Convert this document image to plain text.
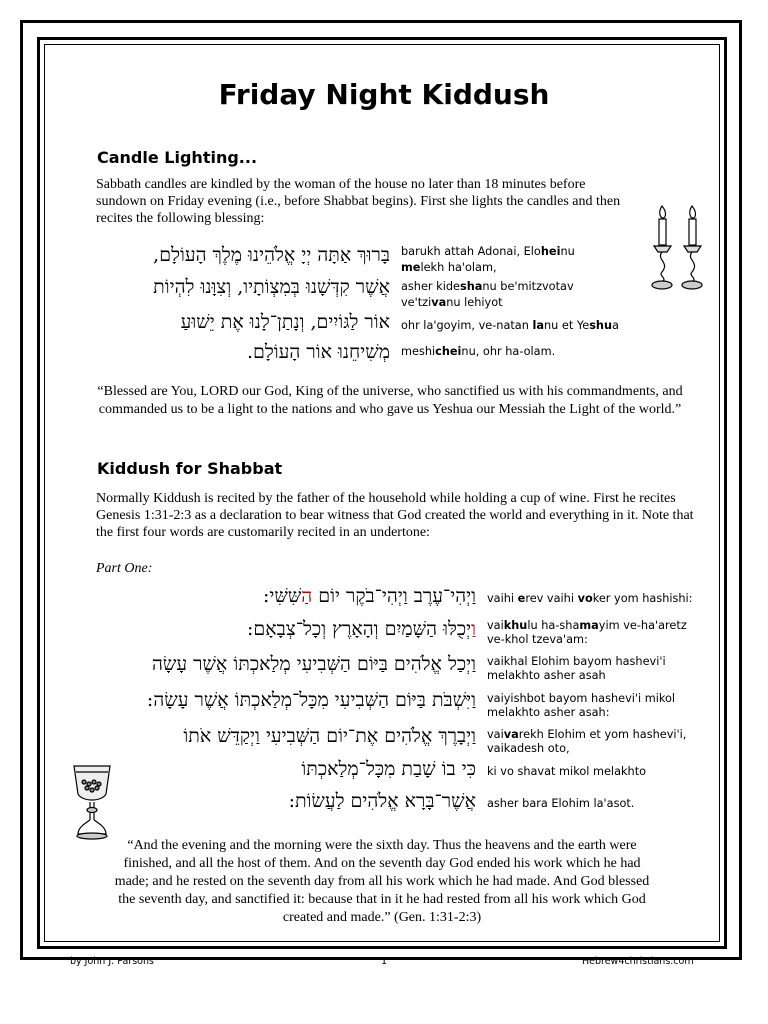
Friday Night Kiddush
Candle Lighting...
Sabbath candles are kindled by the woman of the house no later than 18 minutes before sundown on Friday evening (i.e., before Shabbat begins). First she lights the candles and then recites the following blessing:
בָּרוּךְ אַתָּה יְיָ אֱלֹהֵינוּ מֶלֶךְ הָעוֹלָם,
אֲשֶׁר קִדְּשָׁנוּ בְּמִצְוֹתָיו, וְצִוָּנוּ לִהְיוֹת
אוֹר לַגּוֹיִים, וְנָתַן־לָנוּ אֶת יֵשׁוּעַ
מְשִׁיחֵנוּ אוֹר הָעוֹלָם.
barukh attah Adonai, Eloheinu
melekh ha'olam,
asher kideshanu be'mitzvotav
ve'tzivanu lehiyot
ohr la'goyim, ve-natan lanu et Yeshua
meshicheinu, ohr ha-olam.
“Blessed are You, LORD our God, King of the universe, who sanctified us with his commandments, and commanded us to be a light to the nations and who gave us Yeshua our Messiah the Light of the world.”
Kiddush for Shabbat
Normally Kiddush is recited by the father of the household while holding a cup of wine. First he recites Genesis 1:31-2:3 as a declaration to bear witness that God created the world and everything in it. Note that the first four words are customarily recited in an undertone:
Part One:
וַיְהִי־עֶרֶב וַיְהִי־בֹקֶר יוֹם הַשִּׁשִּׁי:
וַיְכֻלּוּ הַשָּׁמַיִם וְהָאָרֶץ וְכָל־צְבָאָם:
וַיְכַל אֱלֹהִים בַּיּוֹם הַשְּׁבִיעִי מְלַאכְתּוֹ אֲשֶׁר עָשָׂה
וַיִּשְׁבֹּת בַּיּוֹם הַשְּׁבִיעִי מִכָּל־מְלַאכְתּוֹ אֲשֶׁר עָשָׂה:
וַיְבָרֶךְ אֱלֹהִים אֶת־יוֹם הַשְּׁבִיעִי וַיְקַדֵּשׁ אֹתוֹ
כִּי בוֹ שָׁבַת מִכָּל־מְלַאכְתּוֹ
אֲשֶׁר־בָּרָא אֱלֹהִים לַעֲשׂוֹת:
vaihi erev vaihi voker yom hashishi:
vaikhulu ha-shamayim ve-ha'aretz
ve-khol tzeva'am:
vaikhal Elohim bayom hashevi'i
melakhto asher asah
vaiyishbot bayom hashevi'i mikol
melakhto asher asah:
vaivarekh Elohim et yom hashevi'i,
vaikadesh oto,
ki vo shavat mikol melakhto
asher bara Elohim la'asot.
“And the evening and the morning were the sixth day. Thus the heavens and the earth were finished, and all the host of them. And on the seventh day God ended his work which he had made; and he rested on the seventh day from all his work which he had made. And God blessed the seventh day, and sanctified it: because that in it he had rested from all his work which God created and made.” (Gen. 1:31-2:3)
by John J. Parsons	1	Hebrew4christians.com
